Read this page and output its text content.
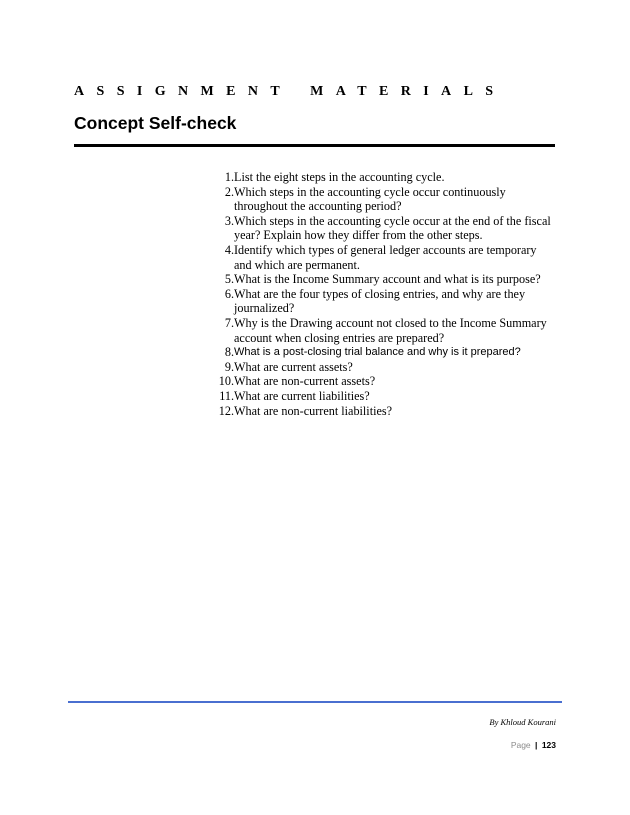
ASSIGNMENT MATERIALS
Concept Self-check
1. List the eight steps in the accounting cycle.
2. Which steps in the accounting cycle occur continuously throughout the accounting period?
3. Which steps in the accounting cycle occur at the end of the fiscal year? Explain how they differ from the other steps.
4. Identify which types of general ledger accounts are temporary and which are permanent.
5. What is the Income Summary account and what is its purpose?
6. What are the four types of closing entries, and why are they journalized?
7. Why is the Drawing account not closed to the Income Summary account when closing entries are prepared?
8. What is a post-closing trial balance and why is it prepared?
9. What are current assets?
10. What are non-current assets?
11. What are current liabilities?
12. What are non-current liabilities?

By Khloud Kourani

Page | 123
